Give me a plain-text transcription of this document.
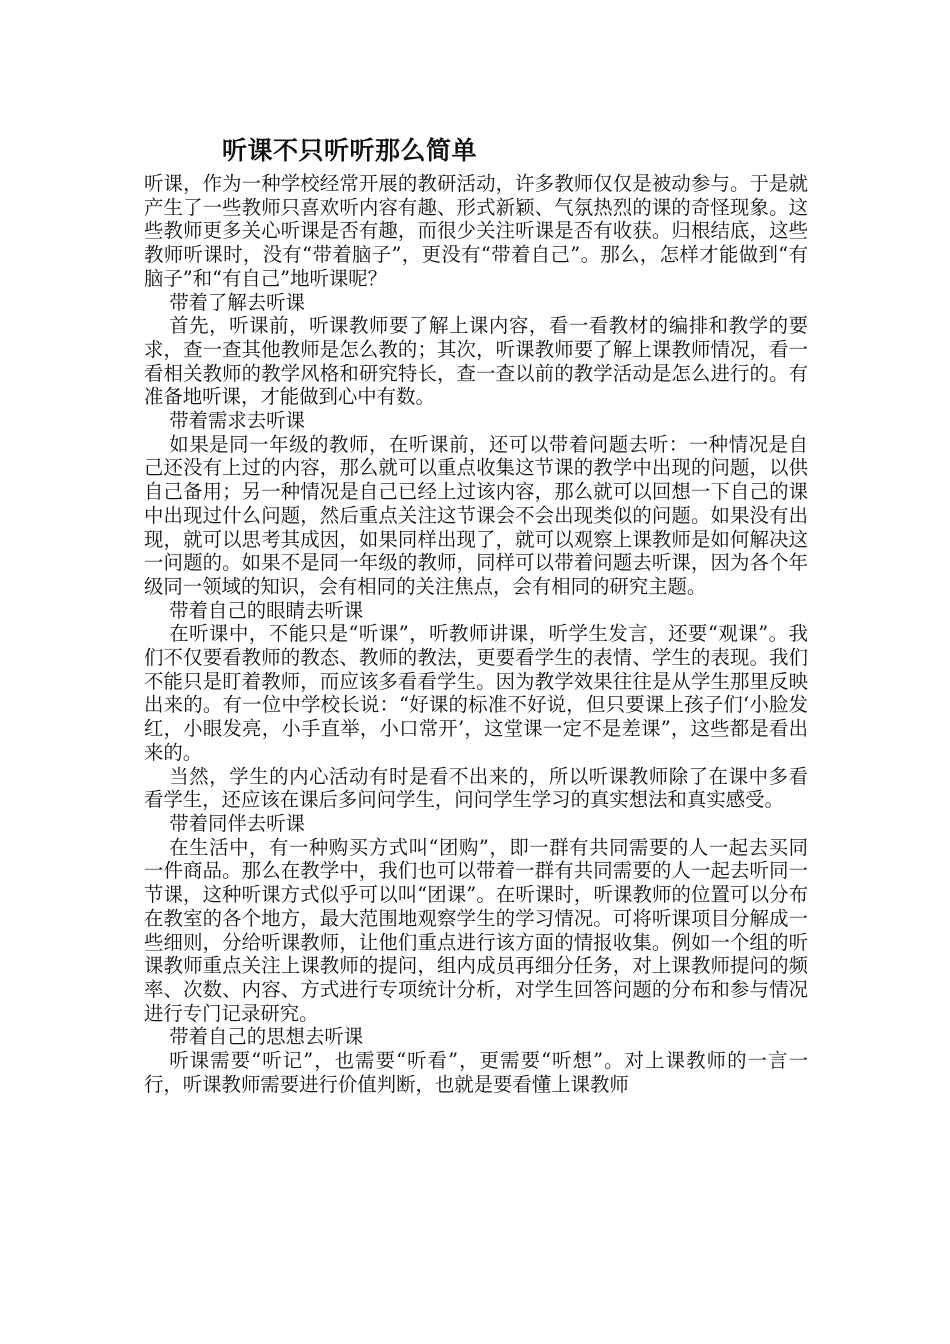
听课不只听听那么简单

听课，作为一种学校经常开展的教研活动，许多教师仅仅是被动参与。于是就产生了一些教师只喜欢听内容有趣、形式新颖、气氛热烈的课的奇怪现象。这些教师更多关心听课是否有趣，而很少关注听课是否有收获。归根结底，这些教师听课时，没有“带着脑子”，更没有“带着自己”。那么，怎样才能做到“有脑子”和“有自己”地听课呢？

带着了解去听课

首先，听课前，听课教师要了解上课内容，看一看教材的编排和教学的要求，查一查其他教师是怎么教的；其次，听课教师要了解上课教师情况，看一看相关教师的教学风格和研究特长，查一查以前的教学活动是怎么进行的。有准备地听课，才能做到心中有数。

带着需求去听课

如果是同一年级的教师，在听课前，还可以带着问题去听：一种情况是自己还没有上过的内容，那么就可以重点收集这节课的教学中出现的问题，以供自己备用；另一种情况是自己已经上过该内容，那么就可以回想一下自己的课中出现过什么问题，然后重点关注这节课会不会出现类似的问题。如果没有出现，就可以思考其成因，如果同样出现了，就可以观察上课教师是如何解决这一问题的。如果不是同一年级的教师，同样可以带着问题去听课，因为各个年级同一领域的知识，会有相同的关注焦点，会有相同的研究主题。

带着自己的眼睛去听课

在听课中，不能只是“听课”，听教师讲课，听学生发言，还要“观课”。我们不仅要看教师的教态、教师的教法，更要看学生的表情、学生的表现。我们不能只是盯着教师，而应该多看看学生。因为教学效果往往是从学生那里反映出来的。有一位中学校长说：“好课的标准不好说，但只要课上孩子们‘小脸发红，小眼发亮，小手直举，小口常开’，这堂课一定不是差课”，这些都是看出来的。

当然，学生的内心活动有时是看不出来的，所以听课教师除了在课中多看看学生，还应该在课后多问问学生，问问学生学习的真实想法和真实感受。

带着同伴去听课

在生活中，有一种购买方式叫“团购”，即一群有共同需要的人一起去买同一件商品。那么在教学中，我们也可以带着一群有共同需要的人一起去听同一节课，这种听课方式似乎可以叫“团课”。在听课时，听课教师的位置可以分布在教室的各个地方，最大范围地观察学生的学习情况。可将听课项目分解成一些细则，分给听课教师，让他们重点进行该方面的情报收集。例如一个组的听课教师重点关注上课教师的提问，组内成员再细分任务，对上课教师提问的频率、次数、内容、方式进行专项统计分析，对学生回答问题的分布和参与情况进行专门记录研究。

带着自己的思想去听课

听课需要“听记”，也需要“听看”，更需要“听想”。对上课教师的一言一行，听课教师需要进行价值判断，也就是要看懂上课教师
